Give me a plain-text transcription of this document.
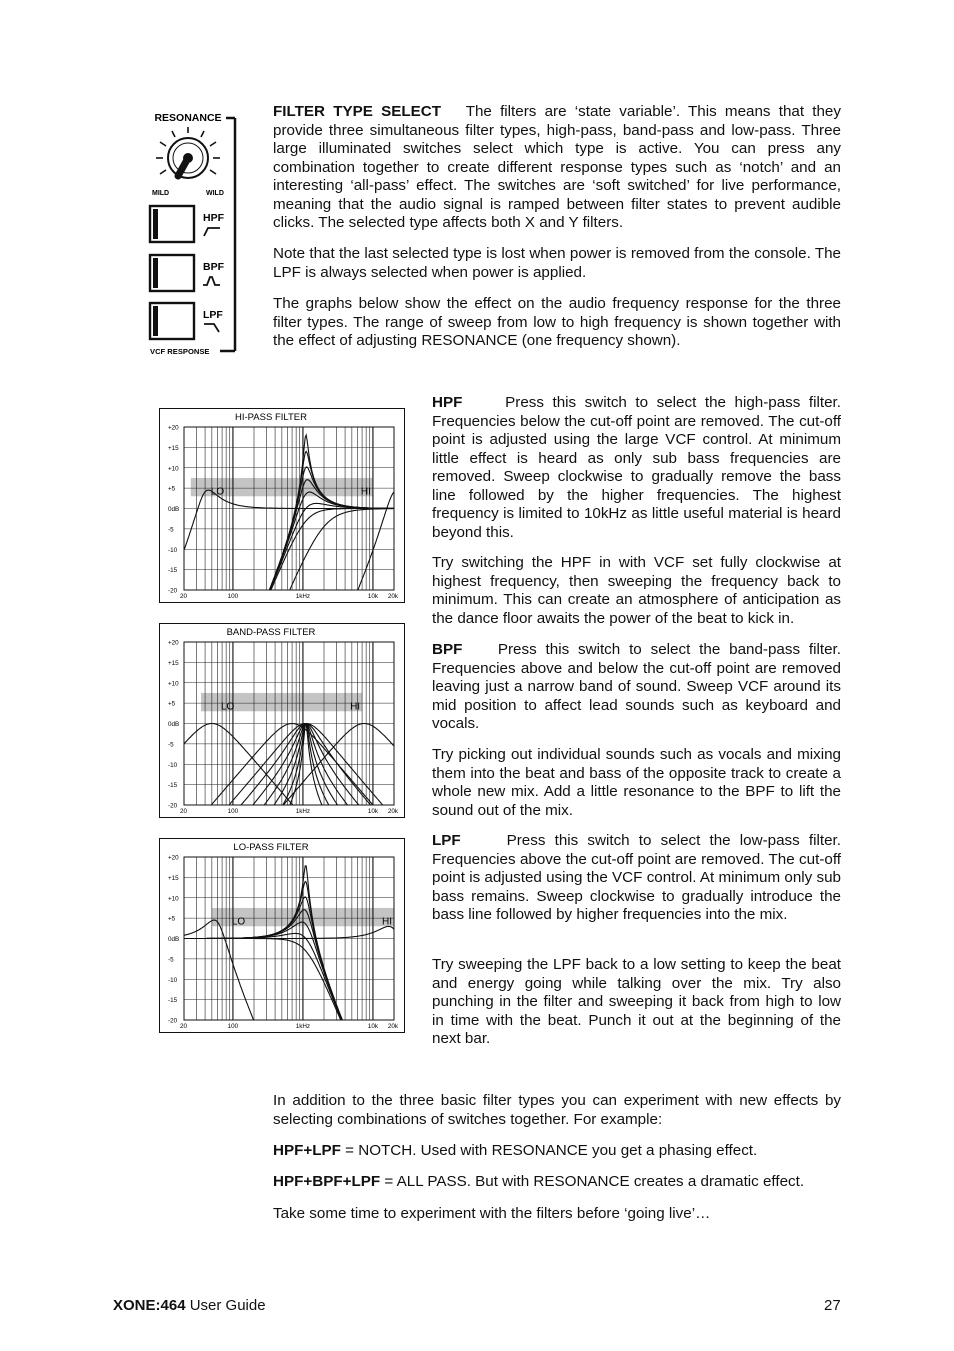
RESONANCE
MILD	WILD
HPF
BPF
LPF
VCF RESPONSE

FILTER TYPE SELECT The filters are ‘state variable’. This means that they provide three simultaneous filter types, high-pass, band-pass and low-pass. Three large illuminated switches select which type is active. You can press any combination together to create different response types such as ‘notch’ and an interesting ‘all-pass’ effect. The switches are ‘soft switched’ for live performance, meaning that the audio signal is ramped between filter states to prevent audible clicks. The selected type affects both X and Y filters.

Note that the last selected type is lost when power is removed from the console. The LPF is always selected when power is applied.

The graphs below show the effect on the audio frequency response for the three filter types. The range of sweep from low to high frequency is shown together with the effect of adjusting RESONANCE (one frequency shown).

HI-PASS FILTER
+20
+15
+10
+5
0dB
-5
-10
-15
-20
20	100	1kHz	10k 20k
LO	HI
BAND-PASS FILTER
+20
+15
+10
+5
0dB
-5
-10
-15
-20
20	100	1kHz	10k 20k
LO	HI
LO-PASS FILTER
+20
+15
+10
+5
0dB
-5
-10
-15
-20
20	100	1kHz	10k 20k
LO	HI

HPF	Press this switch to select the high-pass filter. Frequencies below the cut-off point are removed. The cut-off point is adjusted using the large VCF control. At minimum little effect is heard as only sub bass frequencies are removed. Sweep clockwise to gradually remove the bass line followed by the higher frequencies. The highest frequency is limited to 10kHz as little useful material is heard beyond this.

Try switching the HPF in with VCF set fully clockwise at highest frequency, then sweeping the frequency back to minimum. This can create an atmosphere of anticipation as the dance floor awaits the power of the beat to kick in.

BPF Press this switch to select the band-pass filter. Frequencies above and below the cut-off point are removed leaving just a narrow band of sound. Sweep VCF around its mid position to affect lead sounds such as keyboard and vocals.

Try picking out individual sounds such as vocals and mixing them into the beat and bass of the opposite track to create a whole new mix. Add a little resonance to the BPF to lift the sound out of the mix.

LPF	Press this switch to select the low-pass filter. Frequencies above the cut-off point are removed. The cut-off point is adjusted using the VCF control. At minimum only sub bass remains. Sweep clockwise to gradually introduce the bass line followed by higher frequencies into the mix.

Try sweeping the LPF back to a low setting to keep the beat and energy going while talking over the mix. Try also punching in the filter and sweeping it back from high to low in time with the beat. Punch it out at the beginning of the next bar.

In addition to the three basic filter types you can experiment with new effects by selecting combinations of switches together. For example:

HPF+LPF = NOTCH. Used with RESONANCE you get a phasing effect.

HPF+BPF+LPF = ALL PASS. But with RESONANCE creates a dramatic effect.

Take some time to experiment with the filters before ‘going live’…

XONE:464 User Guide	27
